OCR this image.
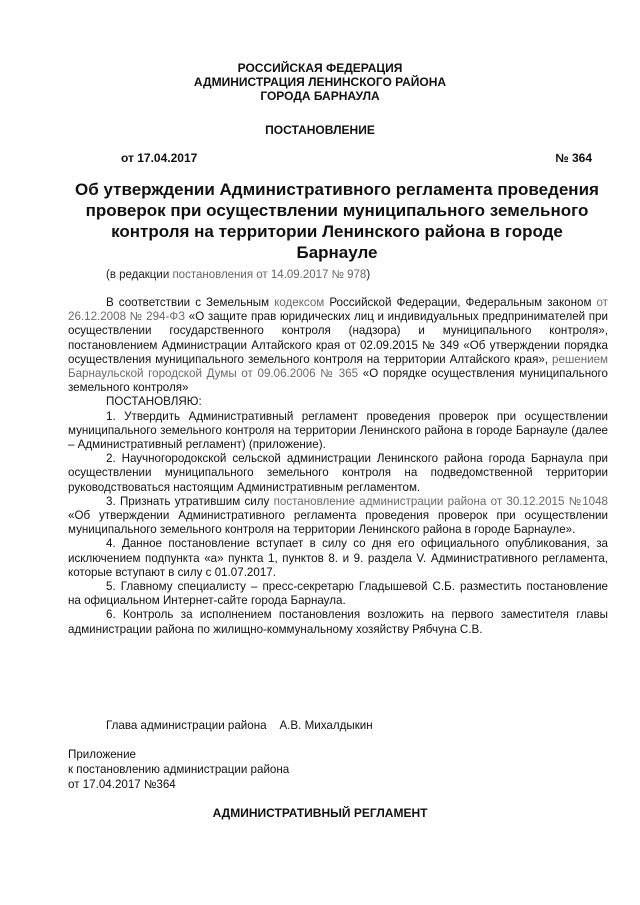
РОССИЙСКАЯ ФЕДЕРАЦИЯ
АДМИНИСТРАЦИЯ ЛЕНИНСКОГО РАЙОНА
ГОРОДА БАРНАУЛА
ПОСТАНОВЛЕНИЕ
от 17.04.2017	№ 364
Об утверждении Административного регламента проведения проверок при осуществлении муниципального земельного контроля на территории Ленинского района в городе Барнауле
(в редакции постановления от 14.09.2017 № 978)

В соответствии с Земельным кодексом Российской Федерации, Федеральным законом от 26.12.2008 № 294-ФЗ «О защите прав юридических лиц и индивидуальных предпринимателей при осуществлении государственного контроля (надзора) и муниципального контроля», постановлением Администрации Алтайского края от 02.09.2015 № 349 «Об утверждении порядка осуществления муниципального земельного контроля на территории Алтайского края», решением Барнаульской городской Думы от 09.06.2006 № 365 «О порядке осуществления муниципального земельного контроля»

ПОСТАНОВЛЯЮ:

1. Утвердить Административный регламент проведения проверок при осуществлении муниципального земельного контроля на территории Ленинского района в городе Барнауле (далее – Административный регламент) (приложение).

2. Научногородокской сельской администрации Ленинского района города Барнаула при осуществлении муниципального земельного контроля на подведомственной территории руководствоваться настоящим Административным регламентом.

3. Признать утратившим силу постановление администрации района от 30.12.2015 №1048 «Об утверждении Административного регламента проведения проверок при осуществлении муниципального земельного контроля на территории Ленинского района в городе Барнауле».

4. Данное постановление вступает в силу со дня его официального опубликования, за исключением подпункта «а» пункта 1, пунктов 8. и 9. раздела V. Административного регламента, которые вступают в силу с 01.07.2017.

5. Главному специалисту – пресс-секретарю Гладышевой С.Б. разместить постановление на официальном Интернет-сайте города Барнаула.

6. Контроль за исполнением постановления возложить на первого заместителя главы администрации района по жилищно-коммунальному хозяйству Рябчуна С.В.

Глава администрации района    А.В. Михалдыкин
Приложение
к постановлению администрации района
от 17.04.2017 №364
АДМИНИСТРАТИВНЫЙ РЕГЛАМЕНТ
